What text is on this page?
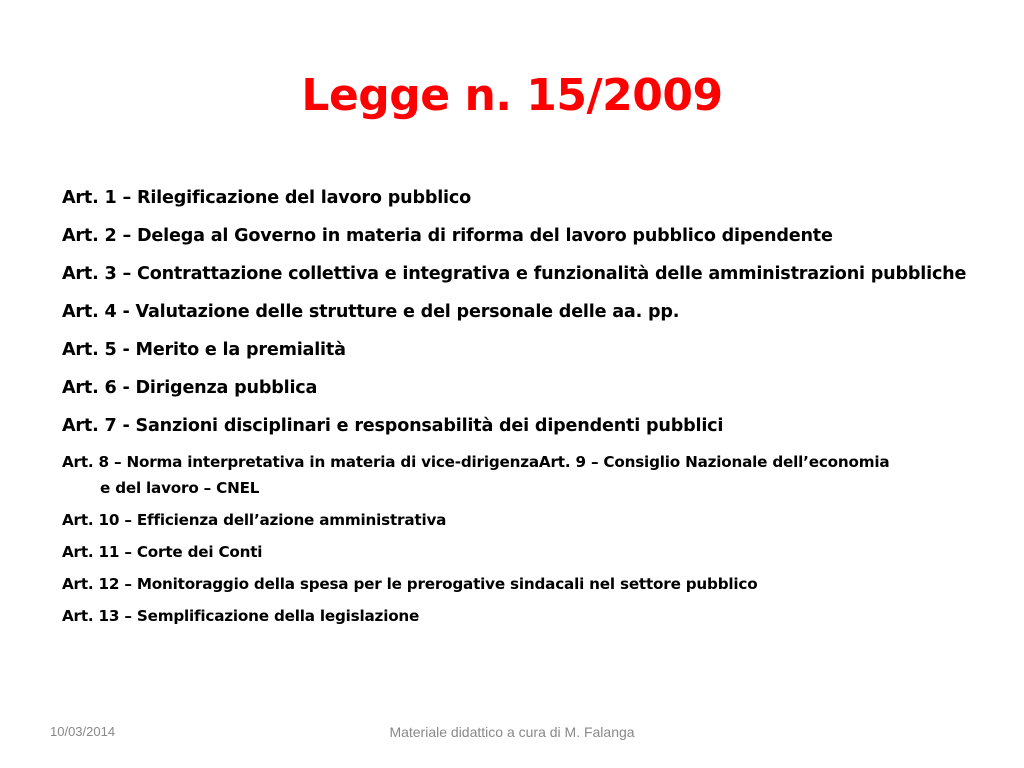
Legge n. 15/2009
Art. 1 – Rilegificazione del lavoro pubblico
Art. 2 – Delega al Governo in materia di riforma del lavoro pubblico dipendente
Art. 3 – Contrattazione collettiva e integrativa e funzionalità delle amministrazioni pubbliche
Art. 4 - Valutazione delle strutture e del personale delle aa. pp.
Art. 5 - Merito e la premialità
Art. 6 - Dirigenza pubblica
Art. 7 - Sanzioni disciplinari e responsabilità dei dipendenti pubblici
Art. 8 – Norma interpretativa in materia di vice-dirigenzaArt. 9 – Consiglio Nazionale dell’economia e del lavoro – CNEL
Art. 10 – Efficienza dell’azione amministrativa
Art. 11 – Corte dei Conti
Art. 12 – Monitoraggio della spesa per le prerogative sindacali nel settore pubblico
Art. 13 – Semplificazione della legislazione
10/03/2014	Materiale didattico a cura di M. Falanga
